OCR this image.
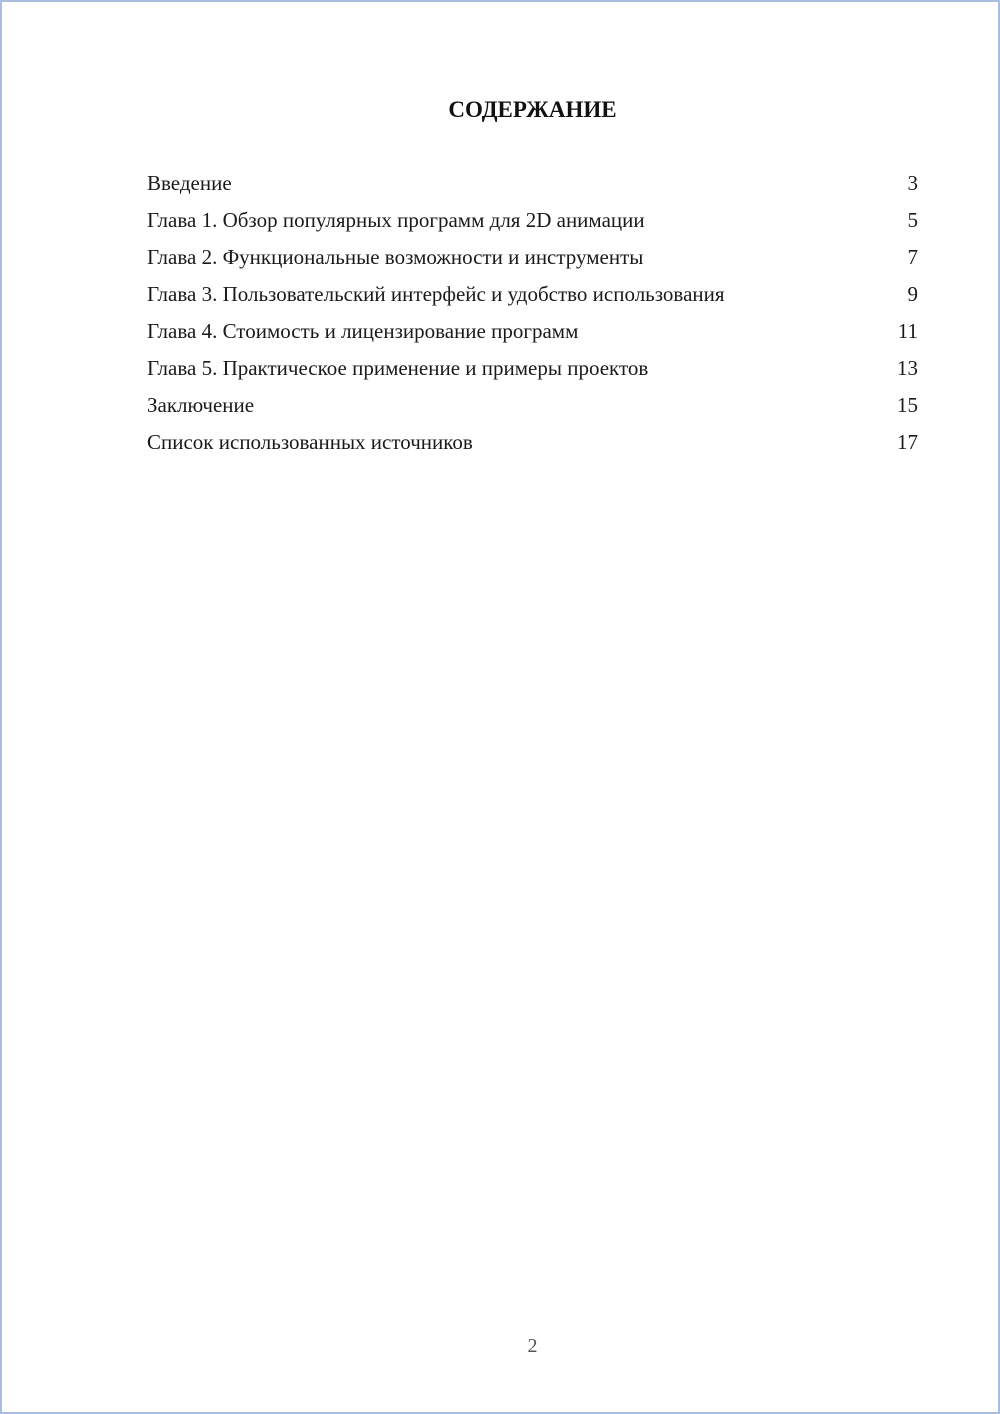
СОДЕРЖАНИЕ
Введение	3
Глава 1. Обзор популярных программ для 2D анимации	5
Глава 2. Функциональные возможности и инструменты	7
Глава 3. Пользовательский интерфейс и удобство использования	9
Глава 4. Стоимость и лицензирование программ	11
Глава 5. Практическое применение и примеры проектов	13
Заключение	15
Список использованных источников	17
2
